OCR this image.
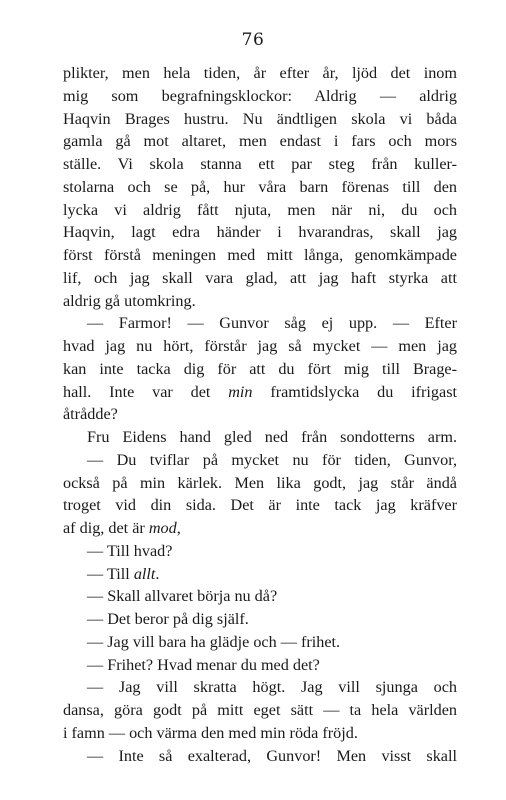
76
plikter, men hela tiden, år efter år, ljöd det inom
mig som begrafningsklockor: Aldrig — aldrig
Haqvin Brages hustru. Nu ändtligen skola vi båda
gamla gå mot altaret, men endast i fars och mors
ställe. Vi skola stanna ett par steg från kuller-
stolarna och se på, hur våra barn förenas till den
lycka vi aldrig fått njuta, men när ni, du och
Haqvin, lagt edra händer i hvarandras, skall jag
först förstå meningen med mitt långa, genomkämpade
lif, och jag skall vara glad, att jag haft styrka att
aldrig gå utomkring.
— Farmor! — Gunvor såg ej upp. — Efter
hvad jag nu hört, förstår jag så mycket — men jag
kan inte tacka dig för att du fört mig till Brage-
hall. Inte var det min framtidslycka du ifrigast
åtrådde?
Fru Eidens hand gled ned från sondotterns arm.
— Du tviflar på mycket nu för tiden, Gunvor,
också på min kärlek. Men lika godt, jag står ändå
troget vid din sida. Det är inte tack jag kräfver
af dig, det är mod,
— Till hvad?
— Till allt.
— Skall allvaret börja nu då?
— Det beror på dig själf.
— Jag vill bara ha glädje och — frihet.
— Frihet? Hvad menar du med det?
— Jag vill skratta högt. Jag vill sjunga och
dansa, göra godt på mitt eget sätt — ta hela världen
i famn — och värma den med min röda fröjd.
— Inte så exalterad, Gunvor! Men visst skall
